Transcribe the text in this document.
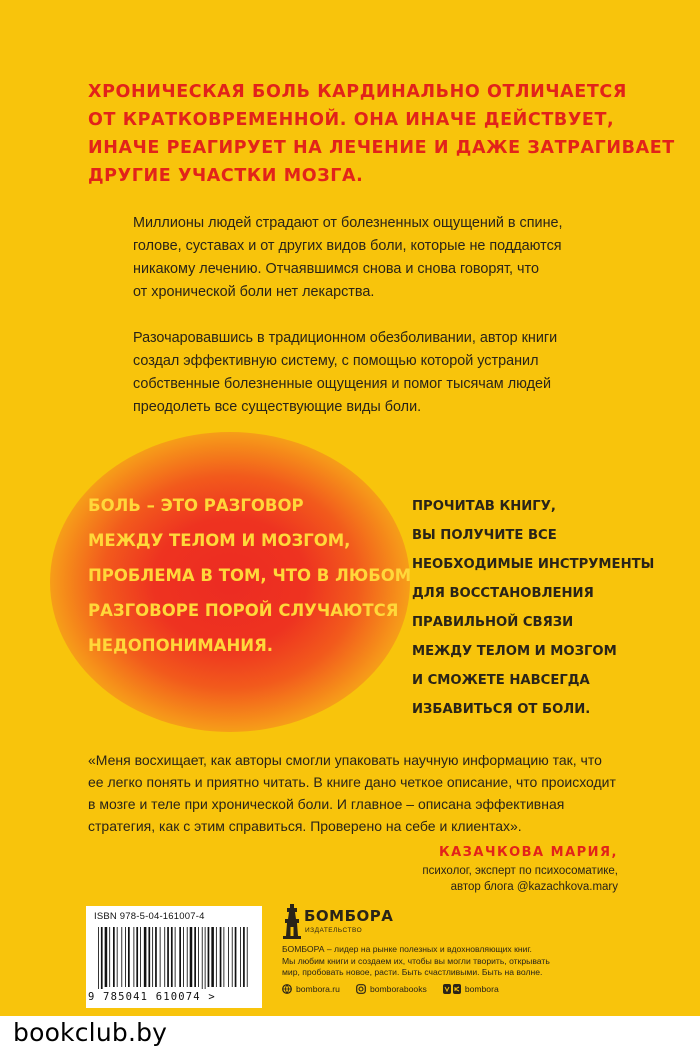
ХРОНИЧЕСКАЯ БОЛЬ КАРДИНАЛЬНО ОТЛИЧАЕТСЯ
ОТ КРАТКОВРЕМЕННОЙ. ОНА ИНАЧЕ ДЕЙСТВУЕТ,
ИНАЧЕ РЕАГИРУЕТ НА ЛЕЧЕНИЕ И ДАЖЕ ЗАТРАГИВАЕТ
ДРУГИЕ УЧАСТКИ МОЗГА.
Миллионы людей страдают от болезненных ощущений в спине,
голове, суставах и от других видов боли, которые не поддаются
никакому лечению. Отчаявшимся снова и снова говорят, что
от хронической боли нет лекарства.
Разочаровавшись в традиционном обезболивании, автор книги
создал эффективную систему, с помощью которой устранил
собственные болезненные ощущения и помог тысячам людей
преодолеть все существующие виды боли.
БОЛЬ – ЭТО РАЗГОВОР
МЕЖДУ ТЕЛОМ И МОЗГОМ,
ПРОБЛЕМА В ТОМ, ЧТО В ЛЮБОМ
РАЗГОВОРЕ ПОРОЙ СЛУЧАЮТСЯ
НЕДОПОНИМАНИЯ.
ПРОЧИТАВ КНИГУ,
ВЫ ПОЛУЧИТЕ ВСЕ
НЕОБХОДИМЫЕ ИНСТРУМЕНТЫ
ДЛЯ ВОССТАНОВЛЕНИЯ
ПРАВИЛЬНОЙ СВЯЗИ
МЕЖДУ ТЕЛОМ И МОЗГОМ
И СМОЖЕТЕ НАВСЕГДА
ИЗБАВИТЬСЯ ОТ БОЛИ.
«Меня восхищает, как авторы смогли упаковать научную информацию так, что
ее легко понять и приятно читать. В книге дано четкое описание, что происходит
в мозге и теле при хронической боли. И главное – описана эффективная
стратегия, как с этим справиться. Проверено на себе и клиентах».
КАЗАЧКОВА МАРИЯ,
психолог, эксперт по психосоматике,
автор блога @kazachkova.mary
ISBN 978-5-04-161007-4
9 785041 610074 >
БОМБОРА
ИЗДАТЕЛЬСТВО
БОМБОРА – лидер на рынке полезных и вдохновляющих книг.
Мы любим книги и создаем их, чтобы вы могли творить, открывать
мир, пробовать новое, расти. Быть счастливыми. Быть на волне.
bombora.ru	bomborabooks	bombora
bookclub.by
